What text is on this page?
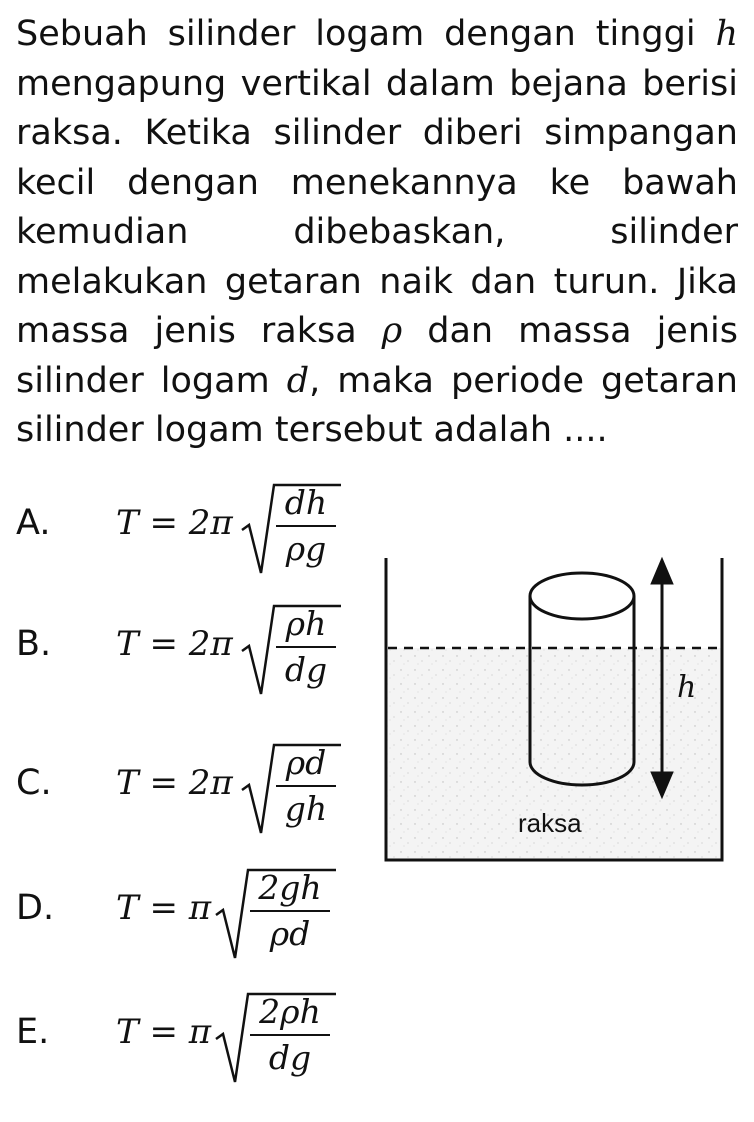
Sebuah silinder logam dengan tinggi h mengapung vertikal dalam bejana berisi raksa. Ketika silinder diberi simpangan kecil dengan menekannya ke bawah kemudian dibebaskan, silinder melakukan getaran naik dan turun. Jika massa jenis raksa ρ dan massa jenis silinder logam d, maka periode getaran silinder logam tersebut adalah ....
A. T = 2π
dh
ρg
B. T = 2π
ρh
dg
C. T = 2π
ρd
gh
D. T = π
2gh
ρd
E. T = π
2ρh
dg
h
raksa
